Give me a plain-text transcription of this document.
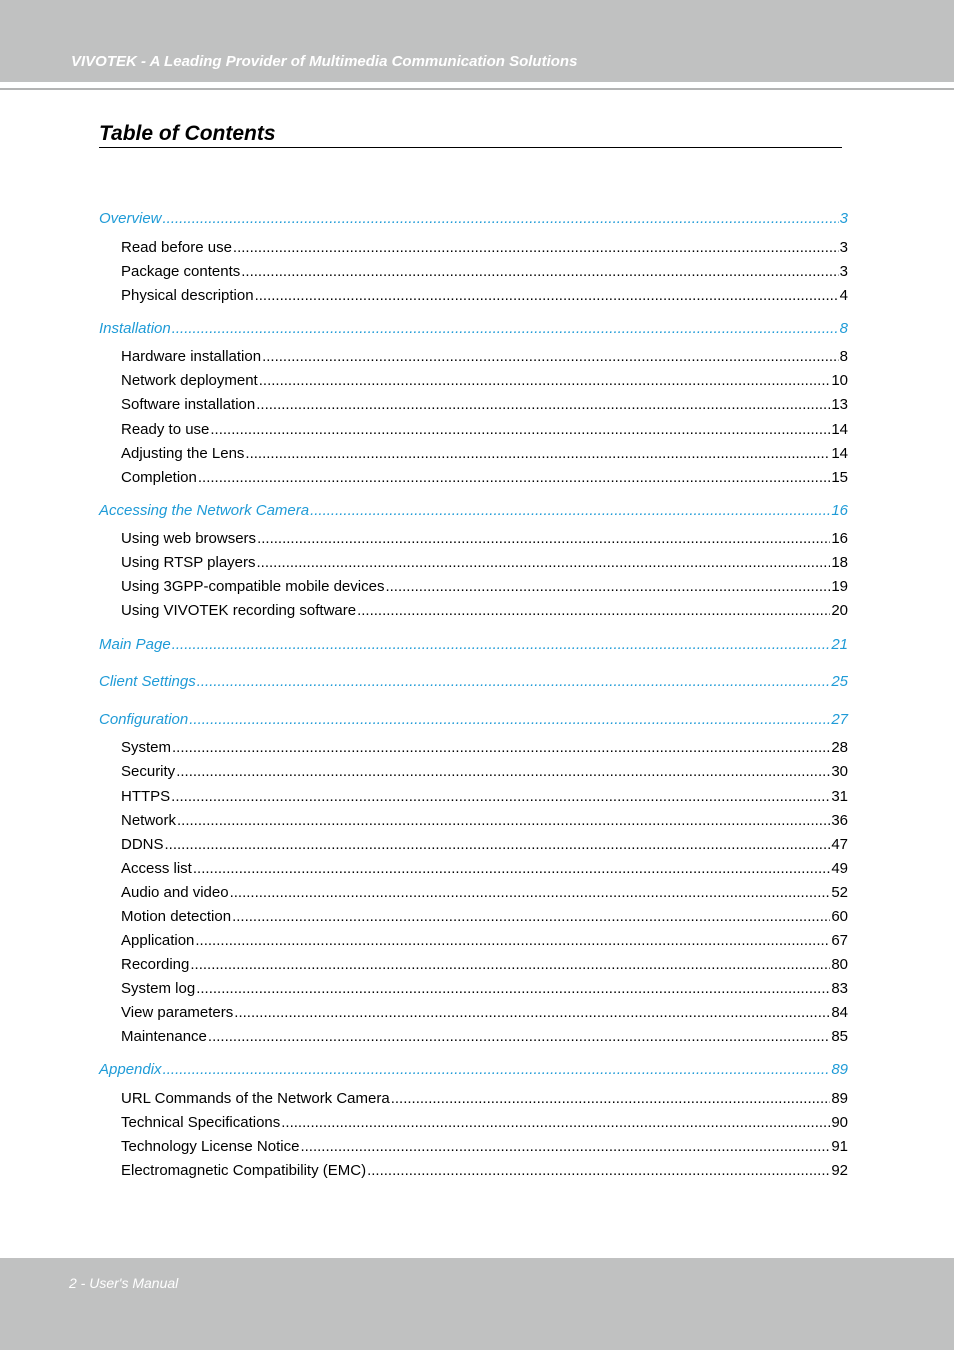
VIVOTEK - A Leading Provider of Multimedia Communication Solutions
Table of Contents
Overview .....	3
Read before use .....	3
Package contents .....	3
Physical description .....	4
Installation .....	8
Hardware installation .....	8
Network deployment .....	10
Software installation .....	13
Ready to use .....	14
Adjusting the Lens .....	14
Completion .....	15
Accessing the Network Camera .....	16
Using web browsers .....	16
Using RTSP players .....	18
Using 3GPP-compatible mobile devices .....	19
Using VIVOTEK recording software .....	20
Main Page .....	21
Client Settings .....	25
Configuration .....	27
System .....	28
Security .....	30
HTTPS .....	31
Network .....	36
DDNS .....	47
Access list .....	49
Audio and video .....	52
Motion detection .....	60
Application .....	67
Recording .....	80
System log .....	83
View parameters .....	84
Maintenance .....	85
Appendix .....	89
URL Commands of the Network Camera .....	89
Technical Specifications .....	90
Technology License Notice .....	91
Electromagnetic Compatibility (EMC) .....	92
2 - User's Manual
